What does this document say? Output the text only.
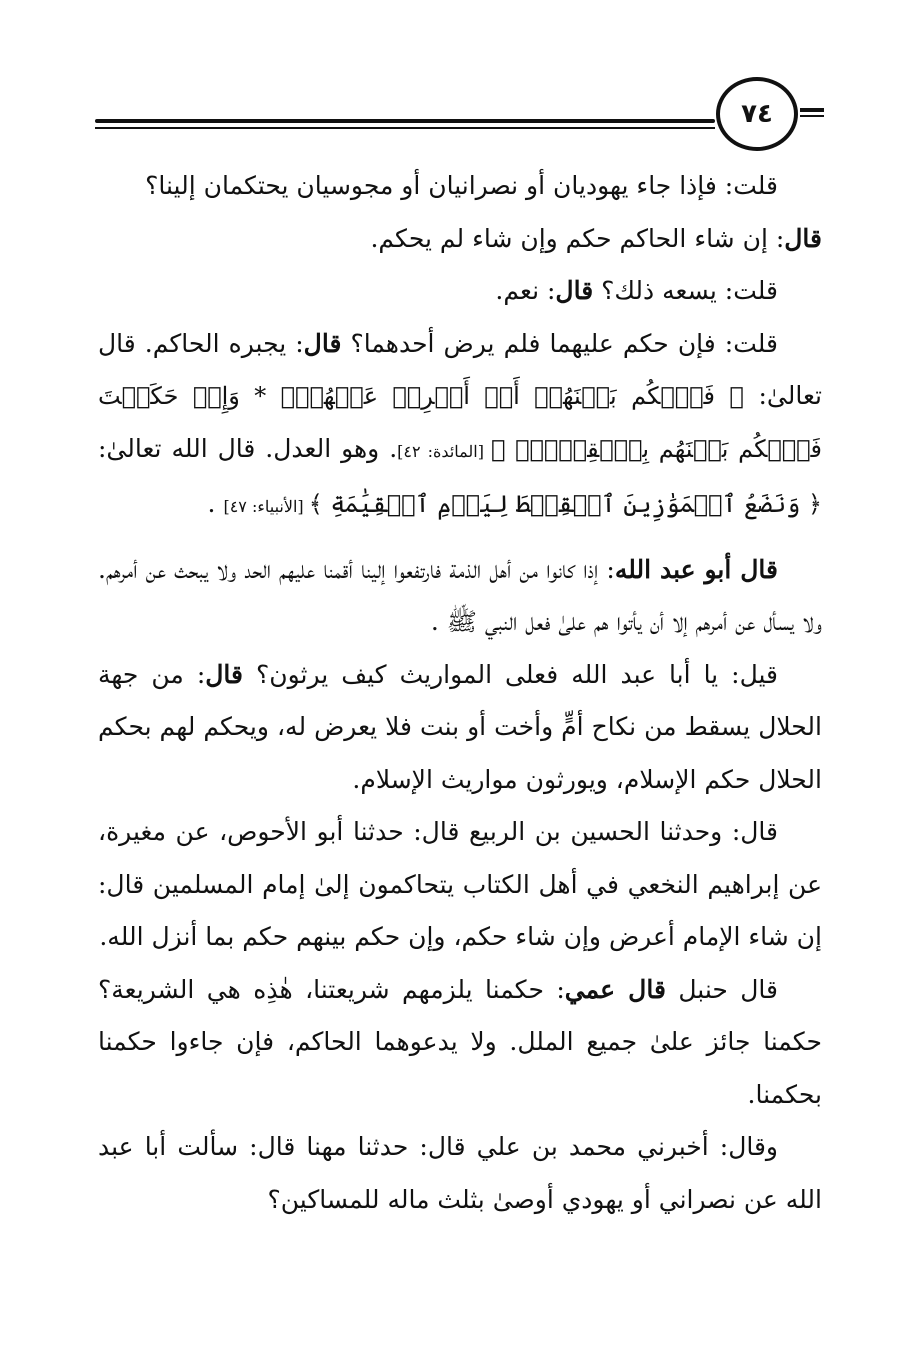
٧٤

قلت: فإذا جاء يهوديان أو نصرانيان أو مجوسيان يحتكمان إلينا؟

قال: إن شاء الحاكم حكم وإن شاء لم يحكم.

قلت: يسعه ذلك؟ قال: نعم.

قلت: فإن حكم عليهما فلم يرض أحدهما؟ قال: يجبره الحاكم. قال تعالىٰ: ﴿ فَٱحۡكُم بَيۡنَهُمۡ أَوۡ أَعۡرِضۡ عَنۡهُمۡۖ * وَإِنۡ حَكَمۡتَ فَٱحۡكُم بَيۡنَهُم بِٱلۡقِسۡطِۚ ﴾ [المائدة: ٤٢]. وهو العدل. قال الله تعالىٰ: ﴿ وَنَضَعُ ٱلۡمَوَٰزِينَ ٱلۡقِسۡطَ لِيَوۡمِ ٱلۡقِيَٰمَةِ ﴾ [الأنبياء: ٤٧] .

قال أبو عبد الله: إذا كانوا من أهل الذمة فارتفعوا إلينا أقمنا عليهم الحد ولا يبحث عن أمرهم. ولا يسأل عن أمرهم إلا أن يأتوا هم علىٰ فعل النبي ﷺ .

قيل: يا أبا عبد الله فعلى المواريث كيف يرثون؟ قال: من جهة الحلال يسقط من نكاح أمٍّ وأخت أو بنت فلا يعرض له، ويحكم لهم بحكم الحلال حكم الإسلام، ويورثون مواريث الإسلام.

قال: وحدثنا الحسين بن الربيع قال: حدثنا أبو الأحوص، عن مغيرة، عن إبراهيم النخعي في أهل الكتاب يتحاكمون إلىٰ إمام المسلمين قال: إن شاء الإمام أعرض وإن شاء حكم، وإن حكم بينهم حكم بما أنزل الله.

قال حنبل قال عمي: حكمنا يلزمهم شريعتنا، هٰذِه هي الشريعة؟ حكمنا جائز علىٰ جميع الملل. ولا يدعوهما الحاكم، فإن جاءوا حكمنا بحكمنا.

وقال: أخبرني محمد بن علي قال: حدثنا مهنا قال: سألت أبا عبد الله عن نصراني أو يهودي أوصىٰ بثلث ماله للمساكين؟
